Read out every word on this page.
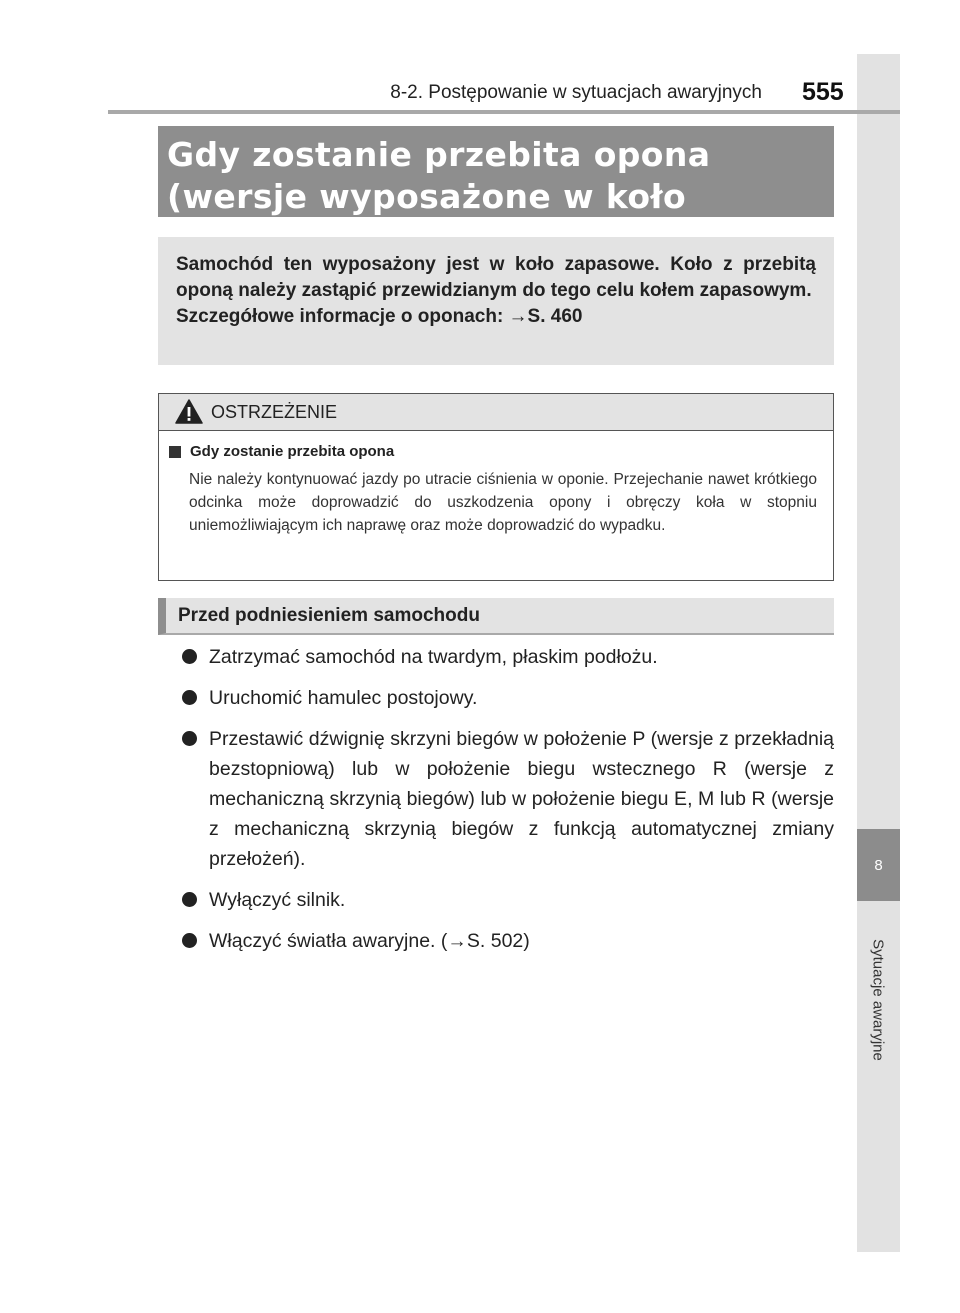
8
Sytuacje awaryjne
8-2. Postępowanie w sytuacjach awaryjnych 555
Gdy zostanie przebita opona (wersje wyposażone w koło
Samochód ten wyposażony jest w koło zapasowe. Koło z przebitą oponą należy zastąpić przewidzianym do tego celu kołem zapasowym.
Szczegółowe informacje o oponach: →S. 460
OSTRZEŻENIE
Gdy zostanie przebita opona
Nie należy kontynuować jazdy po utracie ciśnienia w oponie. Przejechanie nawet krótkiego odcinka może doprowadzić do uszkodzenia opony i obręczy koła w stopniu uniemożliwiającym ich naprawę oraz może doprowadzić do wypadku.
Przed podniesieniem samochodu
Zatrzymać samochód na twardym, płaskim podłożu.
Uruchomić hamulec postojowy.
Przestawić dźwignię skrzyni biegów w położenie P (wersje z przekładnią bezstopniową) lub w położenie biegu wstecznego R (wersje z mechaniczną skrzynią biegów) lub w położenie biegu E, M lub R (wersje z mechaniczną skrzynią biegów z funkcją automatycznej zmiany przełożeń).
Wyłączyć silnik.
Włączyć światła awaryjne. (→S. 502)
